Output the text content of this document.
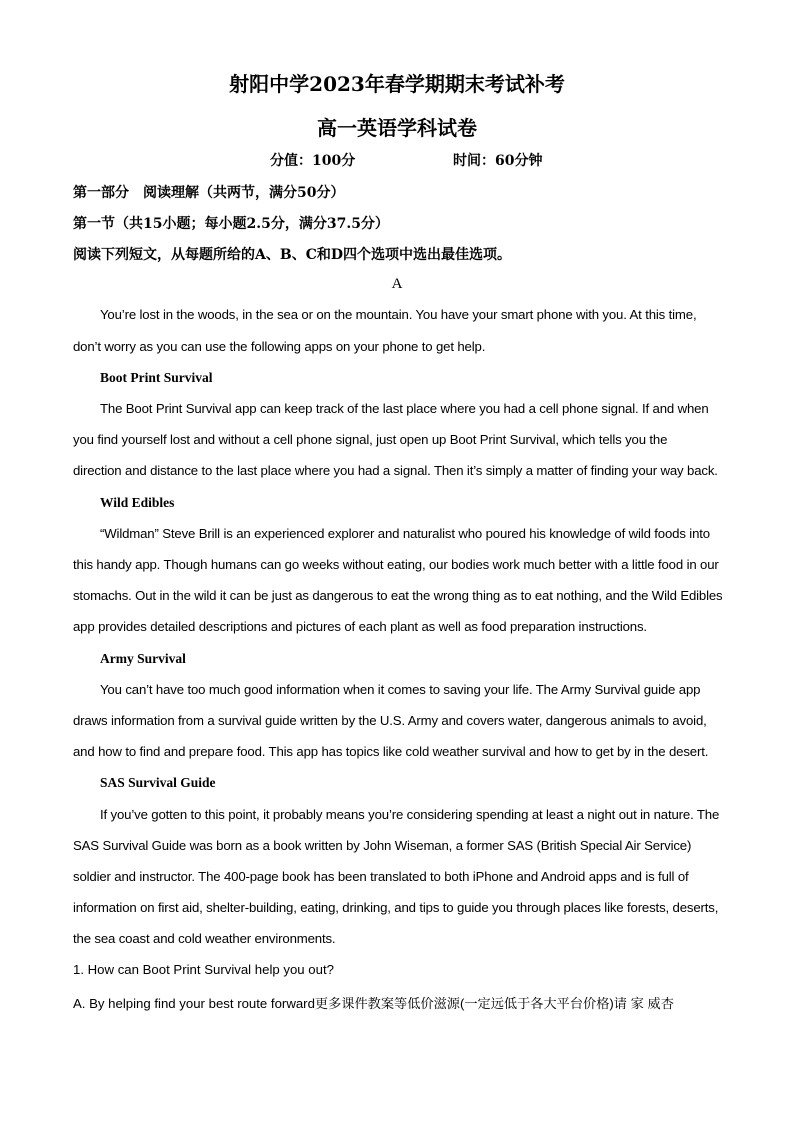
射阳中学2023年春学期期末考试补考
高一英语学科试卷
分值：100分	时间：60分钟
第一部分　阅读理解（共两节，满分50分）
第一节（共15小题；每小题2.5分，满分37.5分）
阅读下列短文，从每题所给的A、B、C和D四个选项中选出最佳选项。
A
You’re lost in the woods, in the sea or on the mountain. You have your smart phone with you. At this time,
don’t worry as you can use the following apps on your phone to get help.
Boot Print Survival
The Boot Print Survival app can keep track of the last place where you had a cell phone signal. If and when
you find yourself lost and without a cell phone signal, just open up Boot Print Survival, which tells you the
direction and distance to the last place where you had a signal. Then it’s simply a matter of finding your way back.
Wild Edibles
“Wildman” Steve Brill is an experienced explorer and naturalist who poured his knowledge of wild foods into
this handy app. Though humans can go weeks without eating, our bodies work much better with a little food in our
stomachs. Out in the wild it can be just as dangerous to eat the wrong thing as to eat nothing, and the Wild Edibles
app provides detailed descriptions and pictures of each plant as well as food preparation instructions.
Army Survival
You can’t have too much good information when it comes to saving your life. The Army Survival guide app
draws information from a survival guide written by the U.S. Army and covers water, dangerous animals to avoid,
and how to find and prepare food. This app has topics like cold weather survival and how to get by in the desert.
SAS Survival Guide
If you’ve gotten to this point, it probably means you’re considering spending at least a night out in nature. The
SAS Survival Guide was born as a book written by John Wiseman, a former SAS (British Special Air Service)
soldier and instructor. The 400-page book has been translated to both iPhone and Android apps and is full of
information on first aid, shelter-building, eating, drinking, and tips to guide you through places like forests, deserts,
the sea coast and cold weather environments.
1. How can Boot Print Survival help you out?
A. By helping find your best route forward更多课件教案等低价滋源(一定远低于各大平台价格)请 家 威杏
